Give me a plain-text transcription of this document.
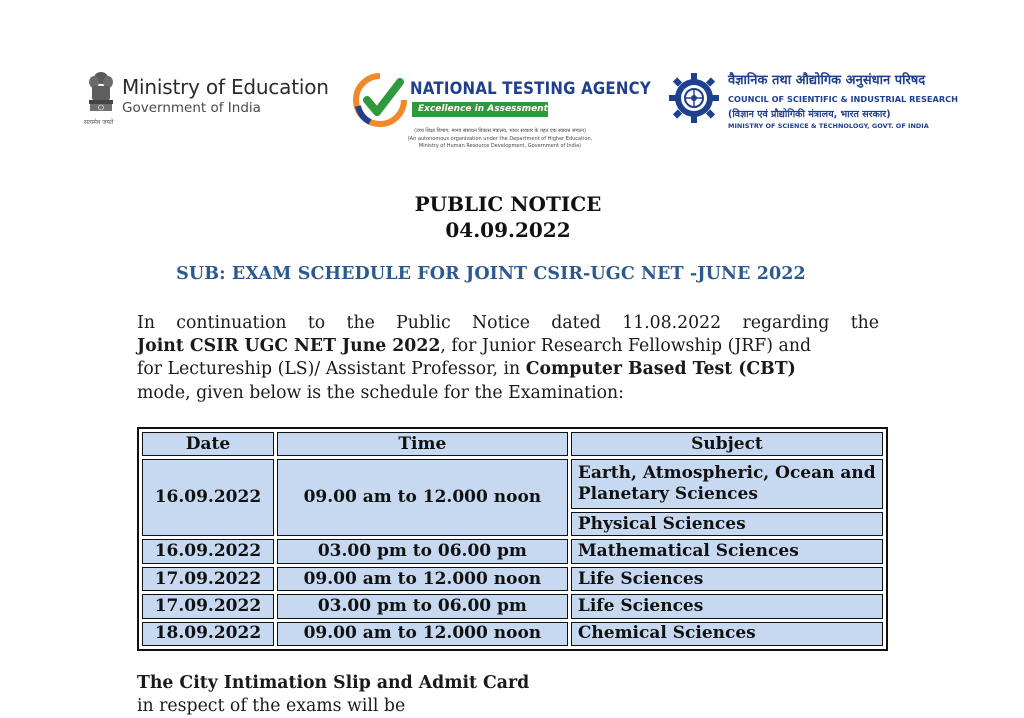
सत्यमेव जयते
Ministry of Education
Government of India
NATIONAL TESTING AGENCY
Excellence in Assessment
(उच्च शिक्षा विभाग, मानव संसाधन विकास मंत्रालय, भारत सरकार के तहत एक स्वायत्त संगठन)
(An autonomous organization under the Department of Higher Education,
Ministry of Human Resource Development, Government of India)
वैज्ञानिक तथा औद्योगिक अनुसंधान परिषद
COUNCIL OF SCIENTIFIC & INDUSTRIAL RESEARCH
(विज्ञान एवं प्रौद्योगिकी मंत्रालय, भारत सरकार)
MINISTRY OF SCIENCE & TECHNOLOGY, GOVT. OF INDIA
PUBLIC NOTICE
04.09.2022
SUB: EXAM SCHEDULE FOR JOINT CSIR-UGC NET -JUNE 2022
In continuation to the Public Notice dated 11.08.2022 regarding the
Joint CSIR UGC NET June 2022, for Junior Research Fellowship (JRF) and
for Lectureship (LS)/ Assistant Professor, in Computer Based Test (CBT)
mode, given below is the schedule for the Examination:
Date	Time	Subject
16.09.2022	09.00 am to 12.000 noon	Earth, Atmospheric, Ocean and Planetary Sciences
		Physical Sciences
16.09.2022	03.00 pm to 06.00 pm	Mathematical Sciences
17.09.2022	09.00 am to 12.000 noon	Life Sciences
17.09.2022	03.00 pm to 06.00 pm	Life Sciences
18.09.2022	09.00 am to 12.000 noon	Chemical Sciences
The City Intimation Slip and Admit Card
in respect of the exams will be
